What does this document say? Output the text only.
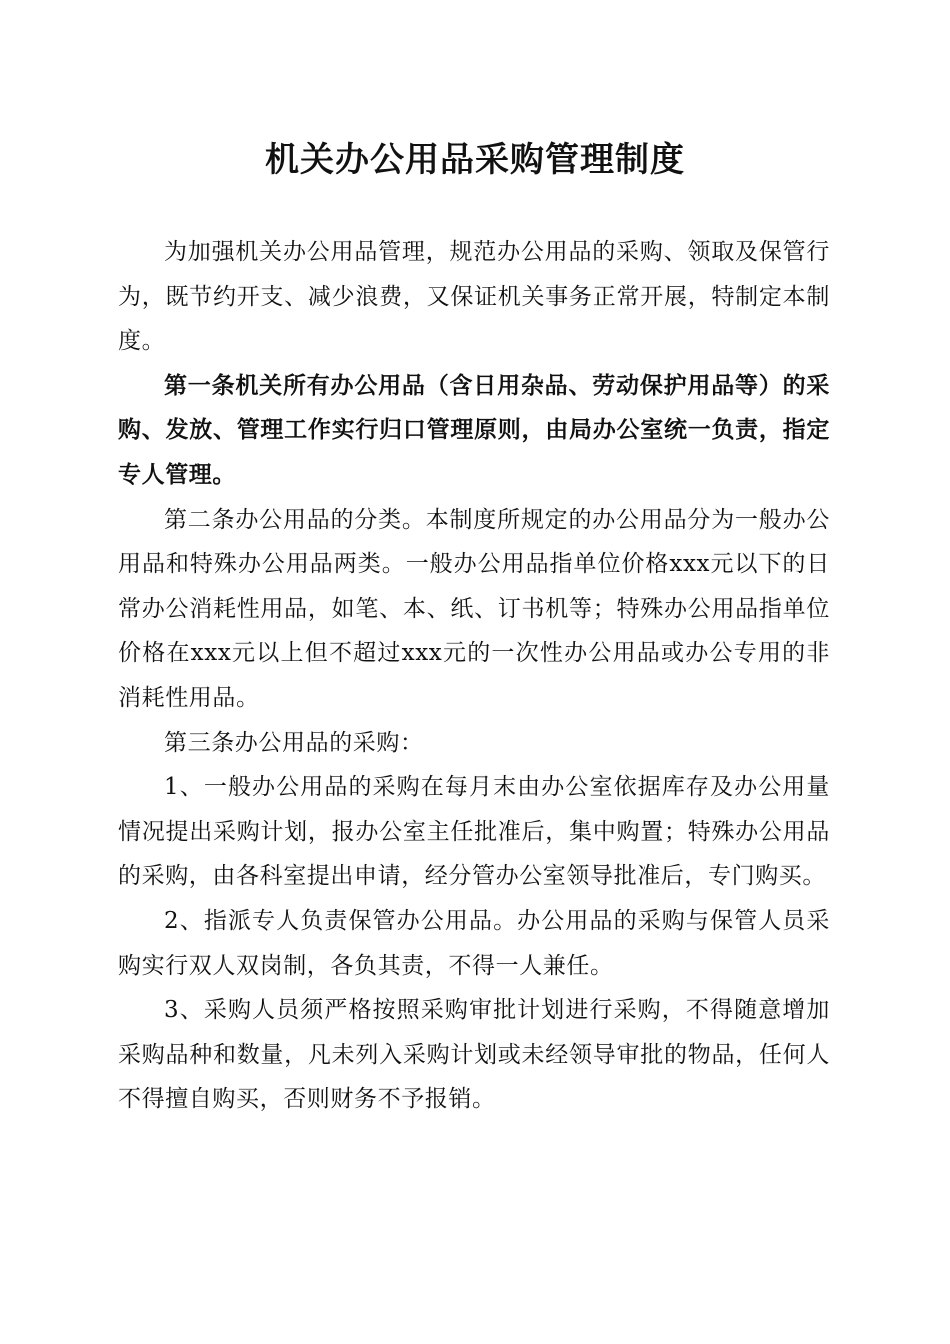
机关办公用品采购管理制度

为加强机关办公用品管理，规范办公用品的采购、领取及保管行为，既节约开支、减少浪费，又保证机关事务正常开展，特制定本制度。

第一条机关所有办公用品（含日用杂品、劳动保护用品等）的采购、发放、管理工作实行归口管理原则，由局办公室统一负责，指定专人管理。

第二条办公用品的分类。本制度所规定的办公用品分为一般办公用品和特殊办公用品两类。一般办公用品指单位价格xxx元以下的日常办公消耗性用品，如笔、本、纸、订书机等；特殊办公用品指单位价格在xxx元以上但不超过xxx元的一次性办公用品或办公专用的非消耗性用品。

第三条办公用品的采购：

1、一般办公用品的采购在每月末由办公室依据库存及办公用量情况提出采购计划，报办公室主任批准后，集中购置；特殊办公用品的采购，由各科室提出申请，经分管办公室领导批准后，专门购买。

2、指派专人负责保管办公用品。办公用品的采购与保管人员采购实行双人双岗制，各负其责，不得一人兼任。

3、采购人员须严格按照采购审批计划进行采购，不得随意增加采购品种和数量，凡未列入采购计划或未经领导审批的物品，任何人不得擅自购买，否则财务不予报销。
